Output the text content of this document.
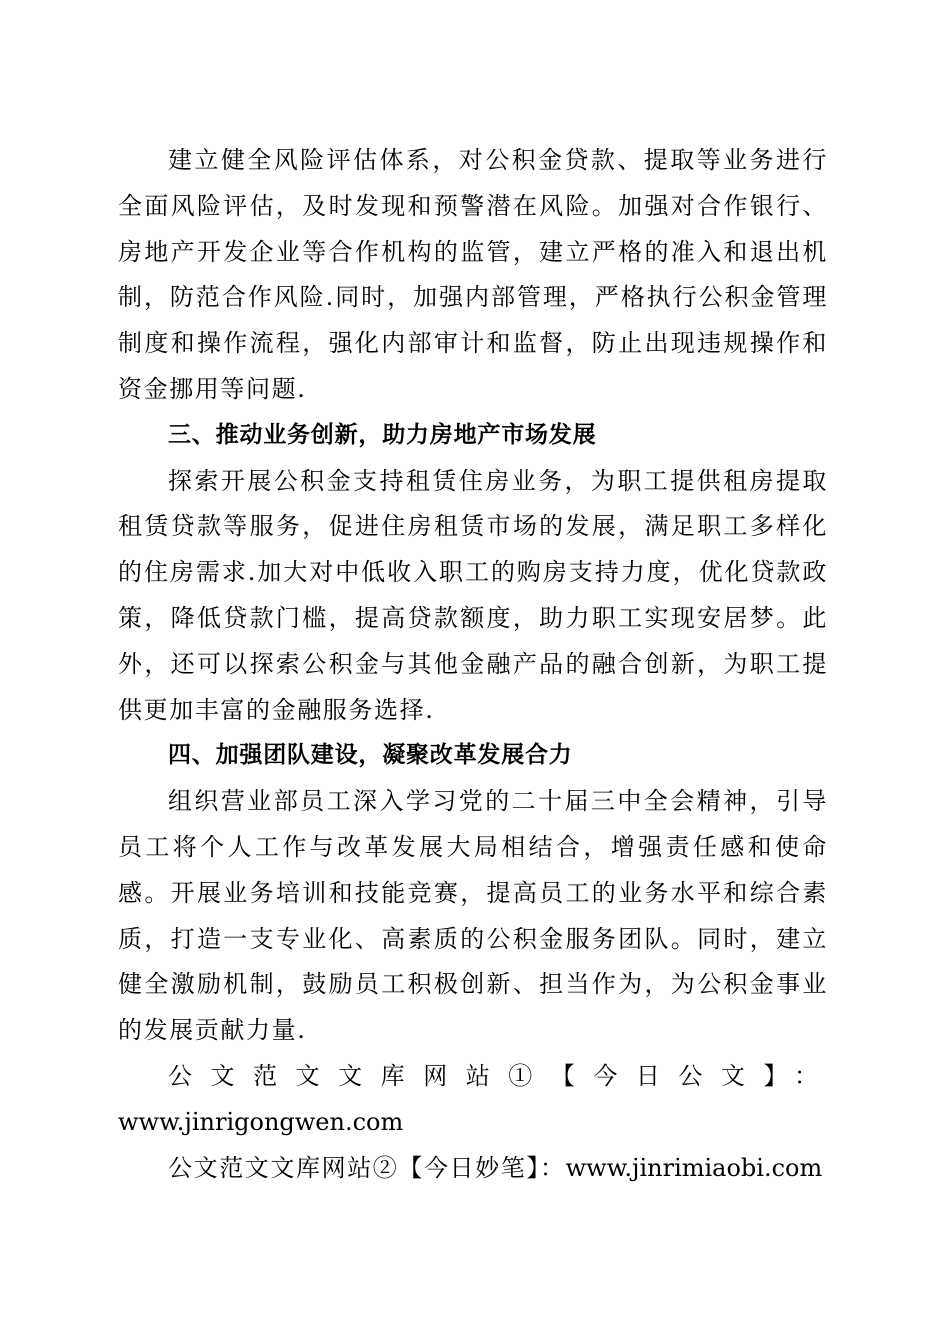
建立健全风险评估体系，对公积金贷款、提取等业务进行全面风险评估，及时发现和预警潜在风险。加强对合作银行、房地产开发企业等合作机构的监管，建立严格的准入和退出机制，防范合作风险.同时，加强内部管理，严格执行公积金管理制度和操作流程，强化内部审计和监督，防止出现违规操作和资金挪用等问题.

三、推动业务创新，助力房地产市场发展

探索开展公积金支持租赁住房业务，为职工提供租房提取租赁贷款等服务，促进住房租赁市场的发展，满足职工多样化的住房需求.加大对中低收入职工的购房支持力度，优化贷款政策，降低贷款门槛，提高贷款额度，助力职工实现安居梦。此外，还可以探索公积金与其他金融产品的融合创新，为职工提供更加丰富的金融服务选择.

四、加强团队建设，凝聚改革发展合力

组织营业部员工深入学习党的二十届三中全会精神，引导员工将个人工作与改革发展大局相结合，增强责任感和使命感。开展业务培训和技能竞赛，提高员工的业务水平和综合素质，打造一支专业化、高素质的公积金服务团队。同时，建立健全激励机制，鼓励员工积极创新、担当作为，为公积金事业的发展贡献力量.

公文范文文库网站①【今日公文】：

www.jinrigongwen.com

公文范文文库网站②【今日妙笔】：www.jinrimiaobi.com
